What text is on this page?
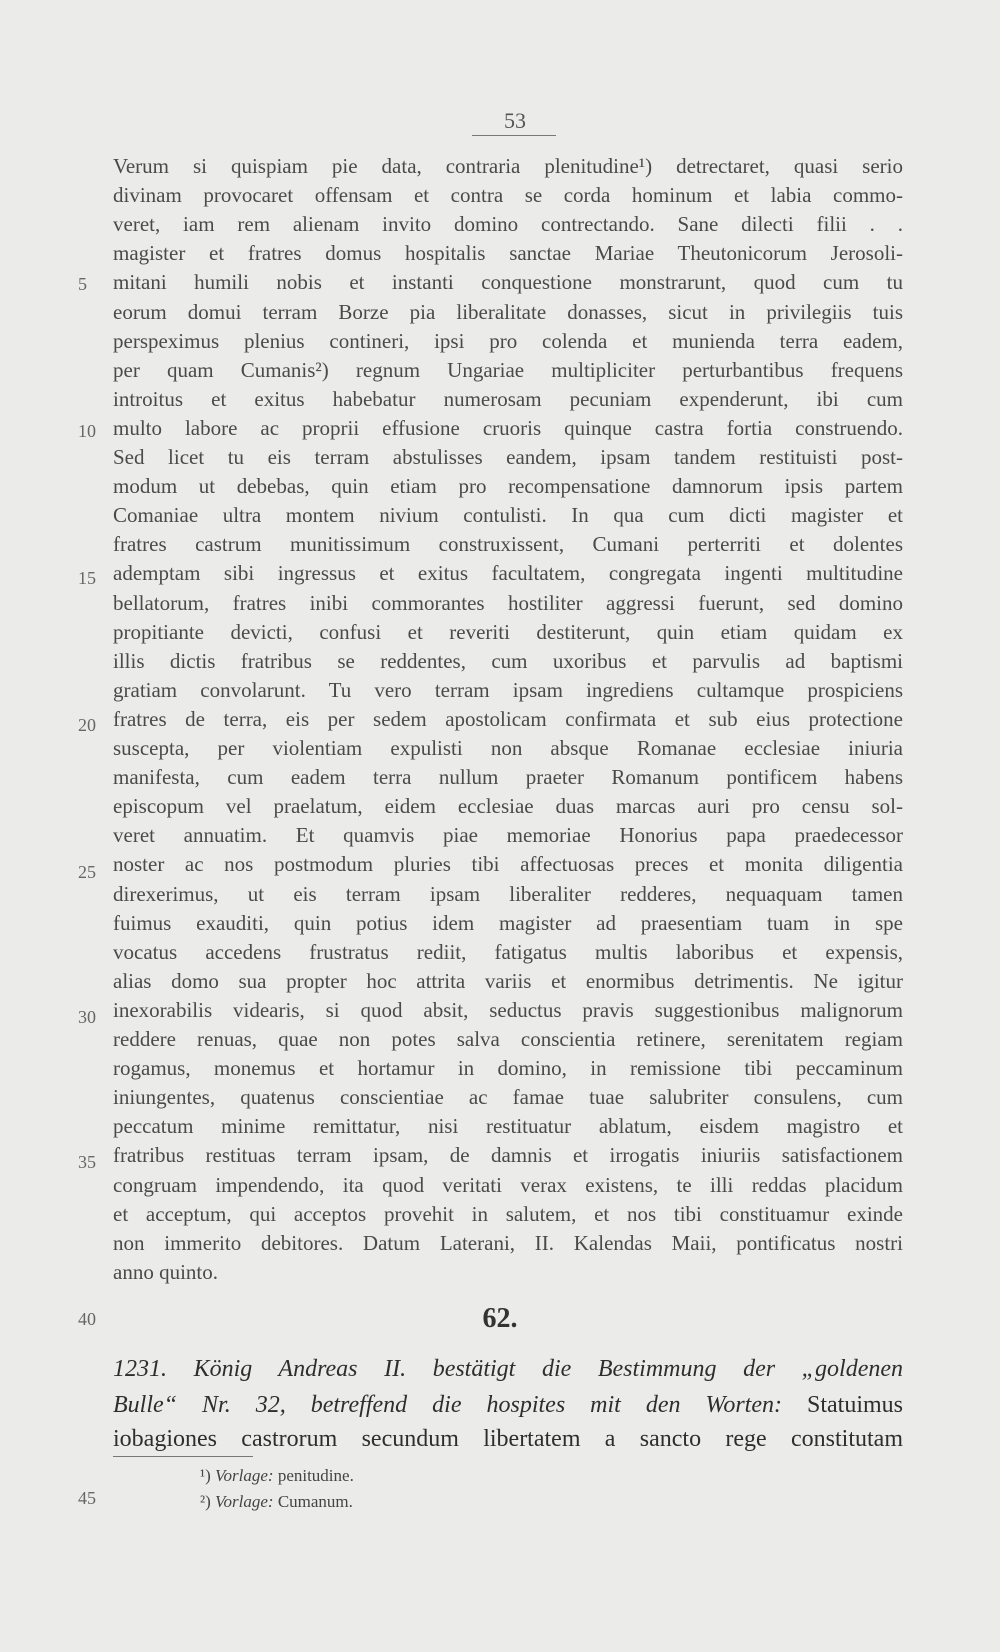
53
Verum si quispiam pie data, contraria plenitudine¹) detrectaret, quasi serio
divinam provocaret offensam et contra se corda hominum et labia commo-
veret, iam rem alienam invito domino contrectando. Sane dilecti filii . .
magister et fratres domus hospitalis sanctae Mariae Theutonicorum Jerosoli-
mitani humili nobis et instanti conquestione monstrarunt, quod cum tu
eorum domui terram Borze pia liberalitate donasses, sicut in privilegiis tuis
perspeximus plenius contineri, ipsi pro colenda et munienda terra eadem,
per quam Cumanis²) regnum Ungariae multipliciter perturbantibus frequens
introitus et exitus habebatur numerosam pecuniam expenderunt, ibi cum
multo labore ac proprii effusione cruoris quinque castra fortia construendo.
Sed licet tu eis terram abstulisses eandem, ipsam tandem restituisti post-
modum ut debebas, quin etiam pro recompensatione damnorum ipsis partem
Comaniae ultra montem nivium contulisti. In qua cum dicti magister et
fratres castrum munitissimum construxissent, Cumani perterriti et dolentes
ademptam sibi ingressus et exitus facultatem, congregata ingenti multitudine
bellatorum, fratres inibi commorantes hostiliter aggressi fuerunt, sed domino
propitiante devicti, confusi et reveriti destiterunt, quin etiam quidam ex
illis dictis fratribus se reddentes, cum uxoribus et parvulis ad baptismi
gratiam convolarunt. Tu vero terram ipsam ingrediens cultamque prospiciens
fratres de terra, eis per sedem apostolicam confirmata et sub eius protectione
suscepta, per violentiam expulisti non absque Romanae ecclesiae iniuria
manifesta, cum eadem terra nullum praeter Romanum pontificem habens
episcopum vel praelatum, eidem ecclesiae duas marcas auri pro censu sol-
veret annuatim. Et quamvis piae memoriae Honorius papa praedecessor
noster ac nos postmodum pluries tibi affectuosas preces et monita diligentia
direxerimus, ut eis terram ipsam liberaliter redderes, nequaquam tamen
fuimus exauditi, quin potius idem magister ad praesentiam tuam in spe
vocatus accedens frustratus rediit, fatigatus multis laboribus et expensis,
alias domo sua propter hoc attrita variis et enormibus detrimentis. Ne igitur
inexorabilis videaris, si quod absit, seductus pravis suggestionibus malignorum
reddere renuas, quae non potes salva conscientia retinere, serenitatem regiam
rogamus, monemus et hortamur in domino, in remissione tibi peccaminum
iniungentes, quatenus conscientiae ac famae tuae salubriter consulens, cum
peccatum minime remittatur, nisi restituatur ablatum, eisdem magistro et
fratribus restituas terram ipsam, de damnis et irrogatis iniuriis satisfactionem
congruam impendendo, ita quod veritati verax existens, te illi reddas placidum
et acceptum, qui acceptos provehit in salutem, et nos tibi constituamur exinde
non immerito debitores. Datum Laterani, II. Kalendas Maii, pontificatus nostri
anno quinto.
5
10
15
20
25
30
35
40
45
62.
1231. König Andreas II. bestätigt die Bestimmung der „goldenen
Bulle“ Nr. 32, betreffend die hospites mit den Worten: Statuimus
iobagiones castrorum secundum libertatem a sancto rege constitutam
¹) Vorlage: penitudine.
²) Vorlage: Cumanum.
